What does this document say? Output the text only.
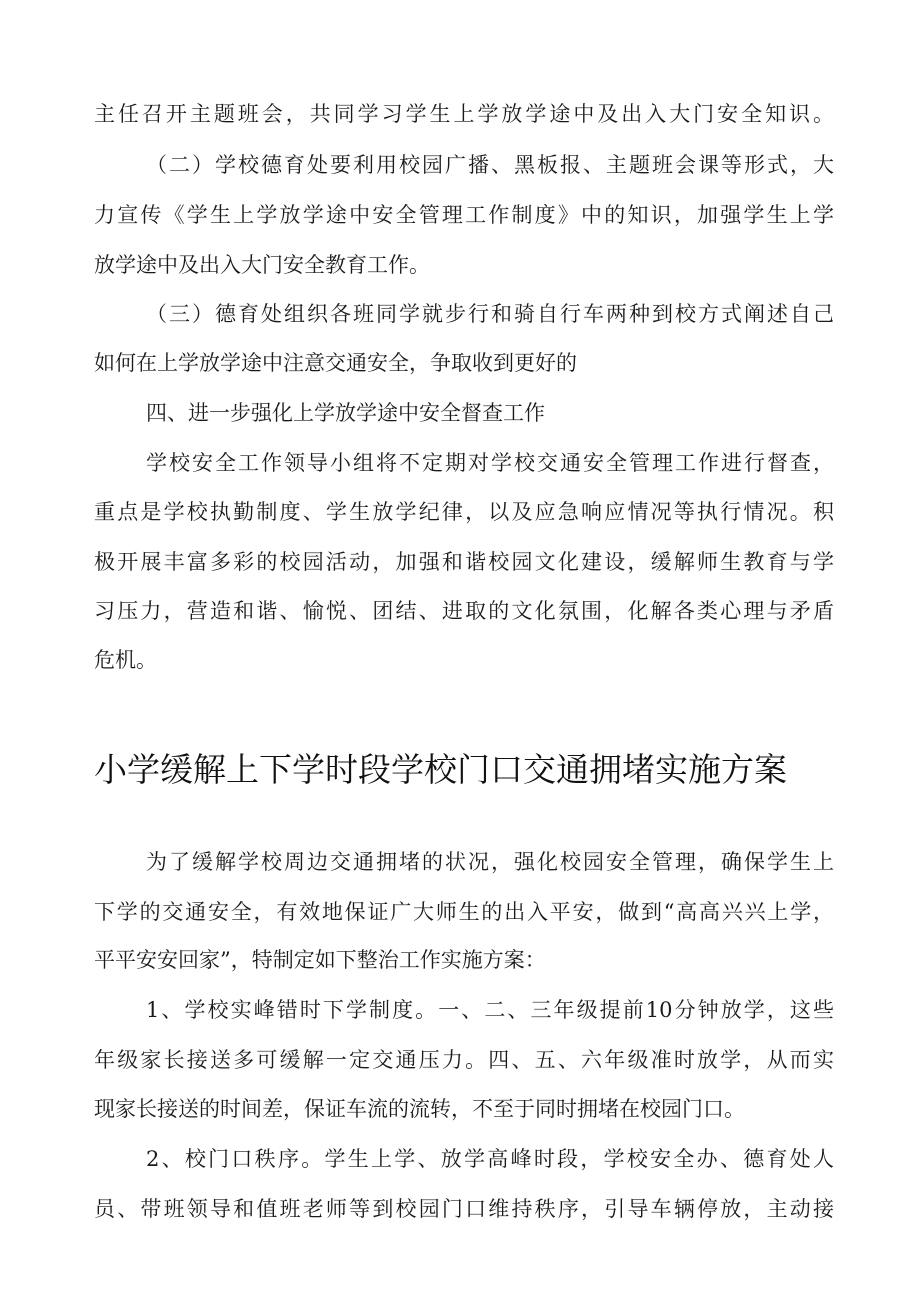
主任召开主题班会，共同学习学生上学放学途中及出入大门安全知识。
（二）学校德育处要利用校园广播、黑板报、主题班会课等形式，大
力宣传《学生上学放学途中安全管理工作制度》中的知识，加强学生上学
放学途中及出入大门安全教育工作。
（三）德育处组织各班同学就步行和骑自行车两种到校方式阐述自己
如何在上学放学途中注意交通安全，争取收到更好的
四、进一步强化上学放学途中安全督查工作
学校安全工作领导小组将不定期对学校交通安全管理工作进行督查，
重点是学校执勤制度、学生放学纪律，以及应急响应情况等执行情况。积
极开展丰富多彩的校园活动，加强和谐校园文化建设，缓解师生教育与学
习压力，营造和谐、愉悦、团结、进取的文化氛围，化解各类心理与矛盾
危机。
小学缓解上下学时段学校门口交通拥堵实施方案
为了缓解学校周边交通拥堵的状况，强化校园安全管理，确保学生上
下学的交通安全，有效地保证广大师生的出入平安，做到“高高兴兴上学，
平平安安回家”，特制定如下整治工作实施方案：
1、学校实峰错时下学制度。一、二、三年级提前10分钟放学，这些
年级家长接送多可缓解一定交通压力。四、五、六年级准时放学，从而实
现家长接送的时间差，保证车流的流转，不至于同时拥堵在校园门口。
2、校门口秩序。学生上学、放学高峰时段，学校安全办、德育处人
员、带班领导和值班老师等到校园门口维持秩序，引导车辆停放，主动接
